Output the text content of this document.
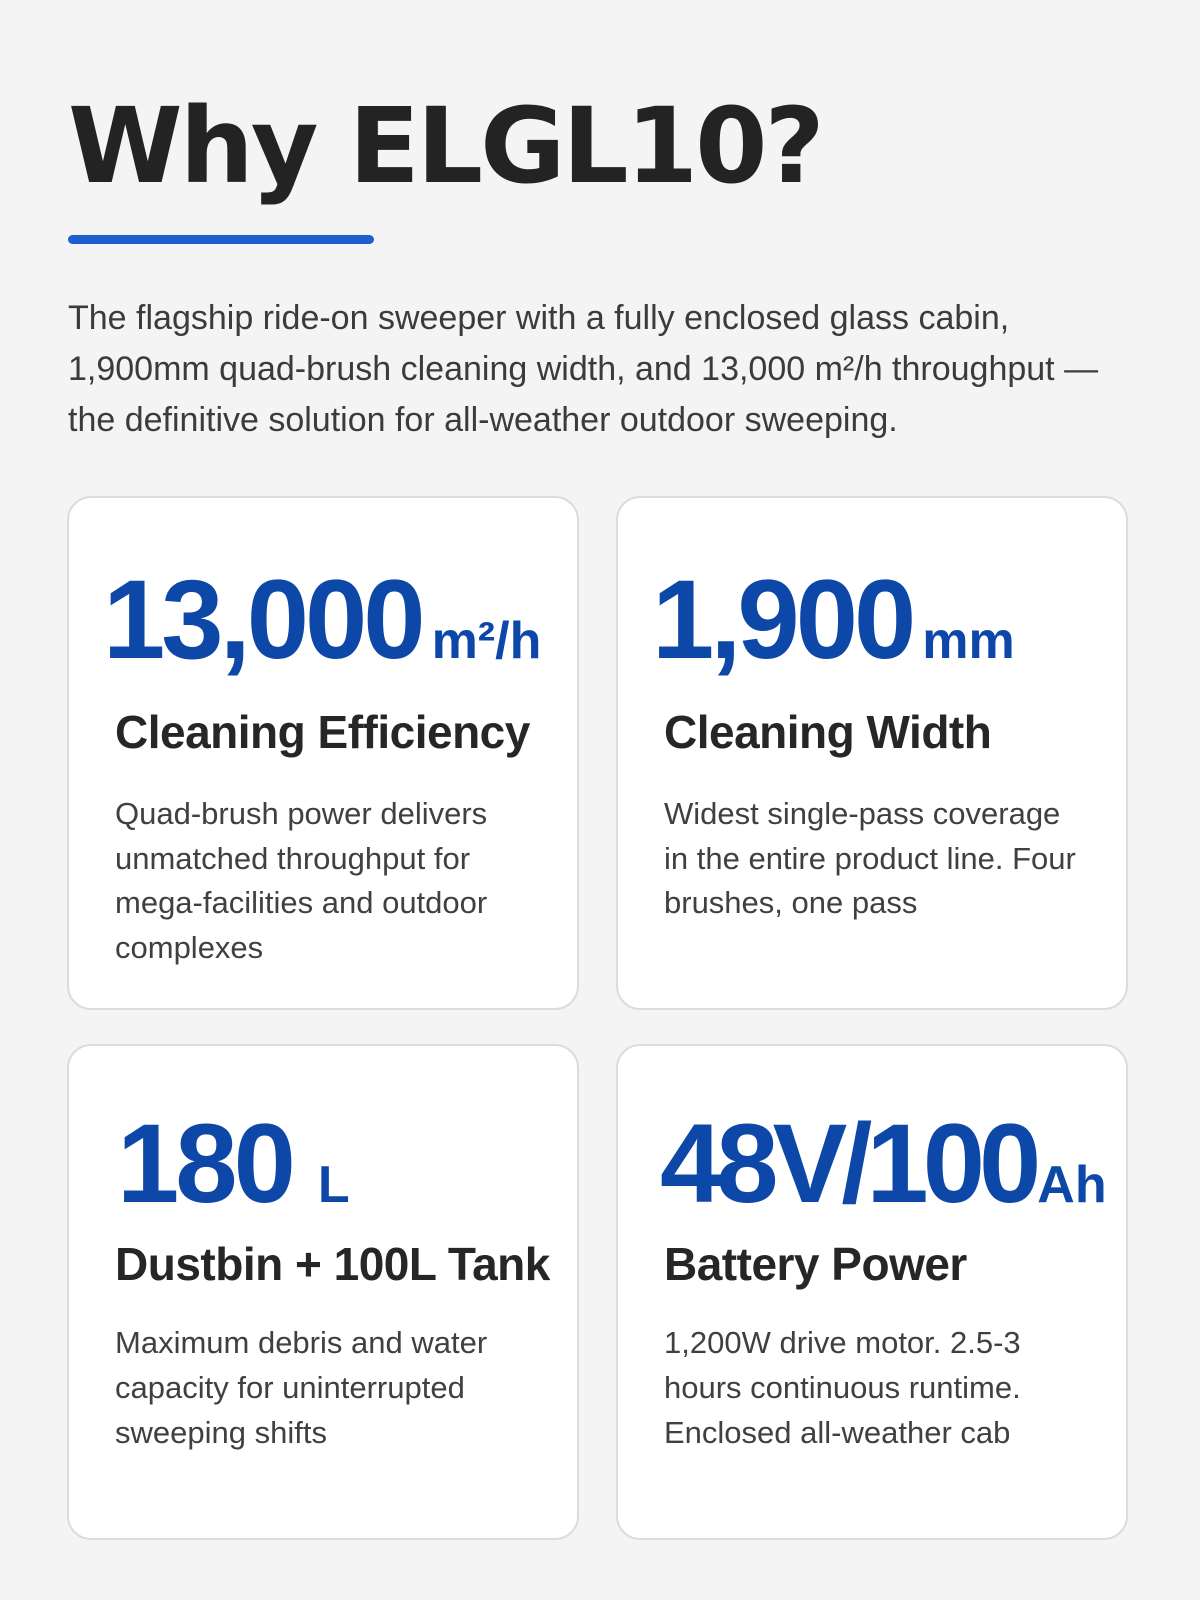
Why ELGL10?

The flagship ride-on sweeper with a fully enclosed glass cabin, 1,900mm quad-brush cleaning width, and 13,000 m²/h throughput — the definitive solution for all-weather outdoor sweeping.

13,000 m²/h
Cleaning Efficiency

Quad-brush power delivers unmatched throughput for mega-facilities and outdoor complexes

1,900 mm
Cleaning Width

Widest single-pass coverage in the entire product line. Four brushes, one pass

180 L
Dustbin + 100L Tank

Maximum debris and water capacity for uninterrupted sweeping shifts

48V/100Ah
Battery Power

1,200W drive motor. 2.5-3 hours continuous runtime. Enclosed all-weather cab
